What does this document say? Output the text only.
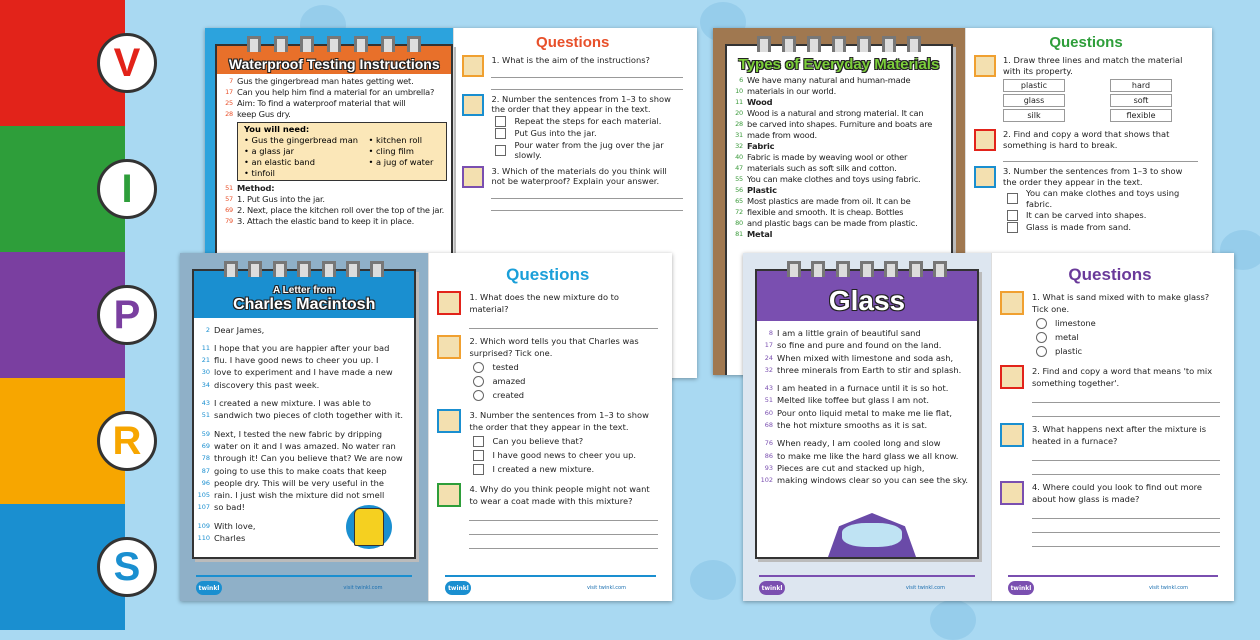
V
I
P
R
S
Waterproof Testing Instructions
7 Gus the gingerbread man hates getting wet.
17 Can you help him find a material for an umbrella?
25 Aim: To find a waterproof material that will
28 keep Gus dry.
You will need:
• Gus the gingerbread man
• a glass jar
• an elastic band
• tinfoil
• kitchen roll
• cling film
• a jug of water
51 Method:
57 1. Put Gus into the jar.
69 2. Next, place the kitchen roll over the top of the jar.
79 3. Attach the elastic band to keep it in place.
Questions
1. What is the aim of the instructions?
2. Number the sentences from 1–3 to show the order that they appear in the text.
Repeat the steps for each material.
Put Gus into the jar.
Pour water from the jug over the jar slowly.
3. Which of the materials do you think will not be waterproof? Explain your answer.
Types of Everyday Materials
6 We have many natural and human-made
10 materials in our world.
11 Wood
20 Wood is a natural and strong material. It can
28 be carved into shapes. Furniture and boats are
31 made from wood.
32 Fabric
40 Fabric is made by weaving wool or other
47 materials such as soft silk and cotton.
55 You can make clothes and toys using fabric.
56 Plastic
65 Most plastics are made from oil. It can be
72 flexible and smooth. It is cheap. Bottles
80 and plastic bags can be made from plastic.
81 Metal
Questions
1. Draw three lines and match the material with its property.
plastic	hard
glass	soft
silk	flexible
2. Find and copy a word that shows that something is hard to break.
3. Number the sentences from 1–3 to show the order they appear in the text.
You can make clothes and toys using fabric.
It can be carved into shapes.
Glass is made from sand.
A Letter from
Charles Macintosh
2 Dear James,
11 I hope that you are happier after your bad
21 flu. I have good news to cheer you up. I
30 love to experiment and I have made a new
34 discovery this past week.
43 I created a new mixture. I was able to
51 sandwich two pieces of cloth together with it.
59 Next, I tested the new fabric by dripping
69 water on it and I was amazed. No water ran
78 through it! Can you believe that? We are now
87 going to use this to make coats that keep
96 people dry. This will be very useful in the
105 rain. I just wish the mixture did not smell
107 so bad!
109 With love,
110 Charles
twinkl	visit twinkl.com
Questions
1. What does the new mixture do to material?
2. Which word tells you that Charles was surprised? Tick one.
tested
amazed
created
3. Number the sentences from 1–3 to show the order that they appear in the text.
Can you believe that?
I have good news to cheer you up.
I created a new mixture.
4. Why do you think people might not want to wear a coat made with this mixture?
twinkl	visit twinkl.com
Glass
8 I am a little grain of beautiful sand
17 so fine and pure and found on the land.
24 When mixed with limestone and soda ash,
32 three minerals from Earth to stir and splash.
43 I am heated in a furnace until it is so hot.
51 Melted like toffee but glass I am not.
60 Pour onto liquid metal to make me lie flat,
68 the hot mixture smooths as it is sat.
76 When ready, I am cooled long and slow
86 to make me like the hard glass we all know.
93 Pieces are cut and stacked up high,
102 making windows clear so you can see the sky.
twinkl	visit twinkl.com
Questions
1. What is sand mixed with to make glass? Tick one.
limestone
metal
plastic
2. Find and copy a word that means 'to mix something together'.
3. What happens next after the mixture is heated in a furnace?
4. Where could you look to find out more about how glass is made?
twinkl	visit twinkl.com
